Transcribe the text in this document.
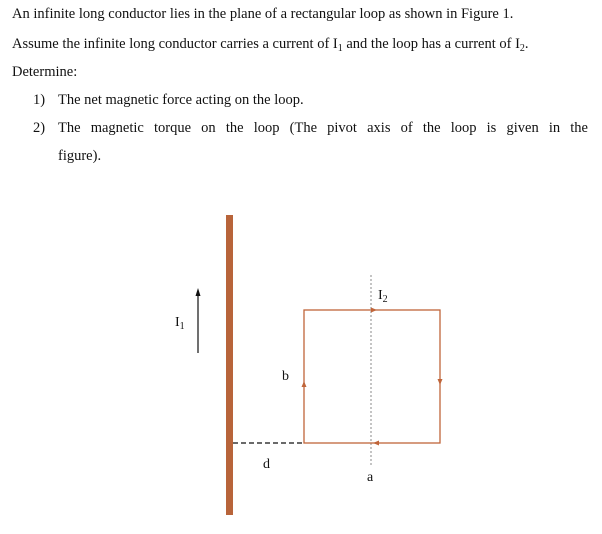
An infinite long conductor lies in the plane of a rectangular loop as shown in Figure 1.
Assume the infinite long conductor carries a current of $I_1$ and the loop has a current of $I_2$.
Determine:
1) The net magnetic force acting on the loop.
2) The magnetic torque on the loop (The pivot axis of the loop is given in the
figure).
$I_1$
$I_2$
b
d
a
